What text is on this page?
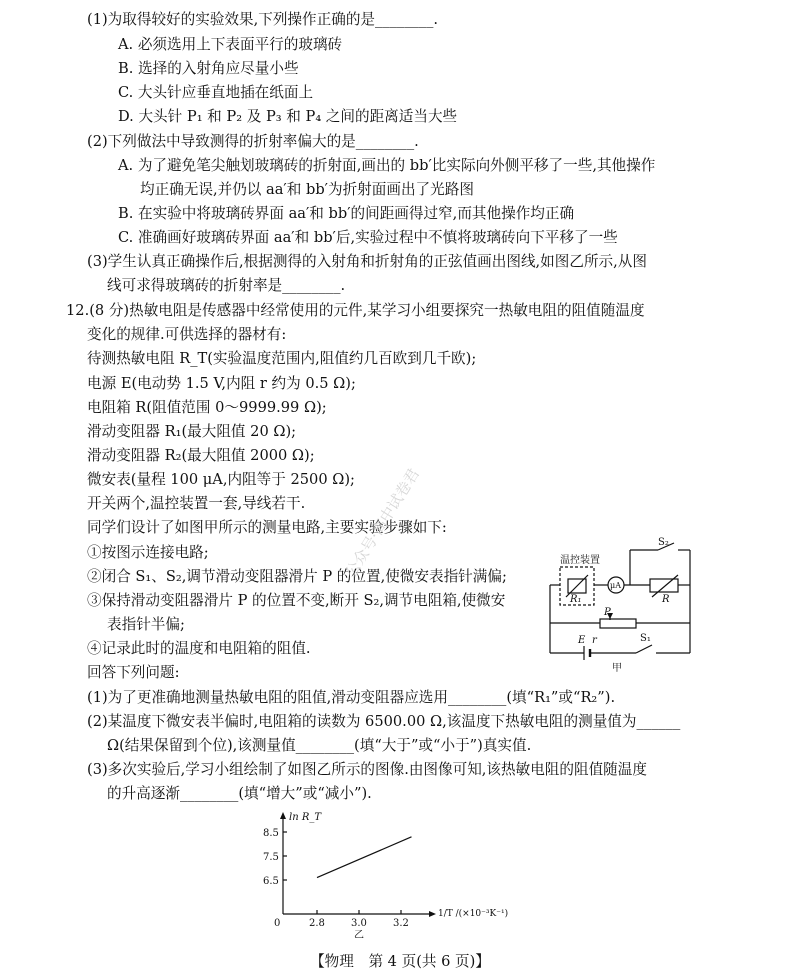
(1)为取得较好的实验效果,下列操作正确的是________.
A. 必须选用上下表面平行的玻璃砖
B. 选择的入射角应尽量小些
C. 大头针应垂直地插在纸面上
D. 大头针 P₁ 和 P₂ 及 P₃ 和 P₄ 之间的距离适当大些
(2)下列做法中导致测得的折射率偏大的是________.
A. 为了避免笔尖触划玻璃砖的折射面,画出的 bb′比实际向外侧平移了一些,其他操作
均正确无误,并仍以 aa′和 bb′为折射面画出了光路图
B. 在实验中将玻璃砖界面 aa′和 bb′的间距画得过窄,而其他操作均正确
C. 准确画好玻璃砖界面 aa′和 bb′后,实验过程中不慎将玻璃砖向下平移了一些
(3)学生认真正确操作后,根据测得的入射角和折射角的正弦值画出图线,如图乙所示,从图
线可求得玻璃砖的折射率是________.
12.(8 分)热敏电阻是传感器中经常使用的元件,某学习小组要探究一热敏电阻的阻值随温度
变化的规律.可供选择的器材有:
待测热敏电阻 R_T(实验温度范围内,阻值约几百欧到几千欧);
电源 E(电动势 1.5 V,内阻 r 约为 0.5 Ω);
电阻箱 R(阻值范围 0～9999.99 Ω);
滑动变阻器 R₁(最大阻值 20 Ω);
滑动变阻器 R₂(最大阻值 2000 Ω);
微安表(量程 100 μA,内阻等于 2500 Ω);
开关两个,温控装置一套,导线若干.
同学们设计了如图甲所示的测量电路,主要实验步骤如下:
①按图示连接电路;
②闭合 S₁、S₂,调节滑动变阻器滑片 P 的位置,使微安表指针满偏;
③保持滑动变阻器滑片 P 的位置不变,断开 S₂,调节电阻箱,使微安
表指针半偏;
④记录此时的温度和电阻箱的阻值.
回答下列问题:
(1)为了更准确地测量热敏电阻的阻值,滑动变阻器应选用________(填“R₁”或“R₂”).
(2)某温度下微安表半偏时,电阻箱的读数为 6500.00 Ω,该温度下热敏电阻的测量值为______
Ω(结果保留到个位),该测量值________(填“大于”或“小于”)真实值.
(3)多次实验后,学习小组绘制了如图乙所示的图像.由图像可知,该热敏电阻的阻值随温度
的升高逐渐________(填“增大”或“减小”).
公众号·高中试卷君	温控装置
S₂
μA
R₁	R
P
E r	S₁
甲
2.8	3.0	3.2
6.5
7.5
8.5
0
ln R_T
1/T /(×10⁻³K⁻¹)
乙
【物理　第 4 页(共 6 页)】
